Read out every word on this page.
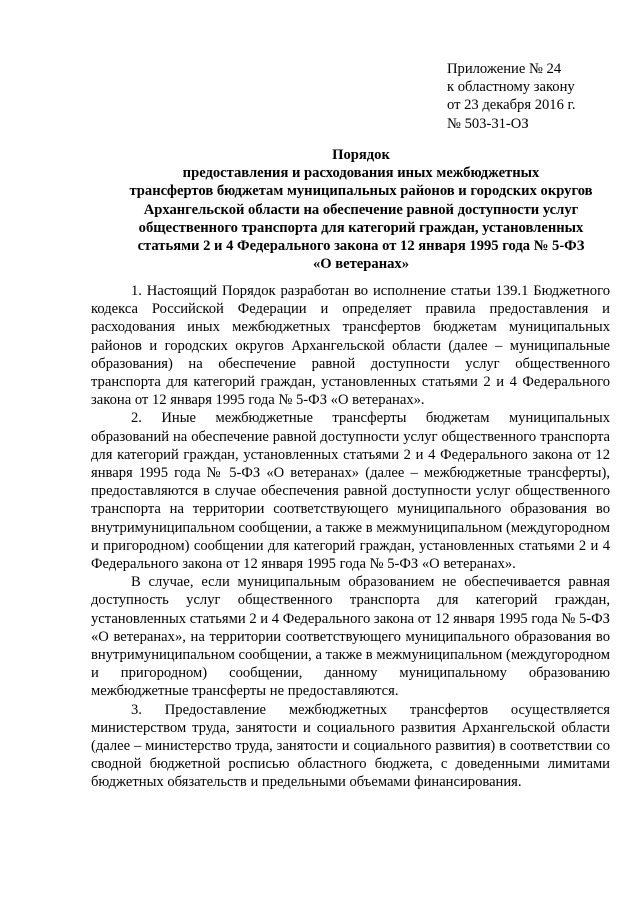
Приложение № 24
к областному закону
от 23 декабря 2016 г.
№ 503-31-ОЗ
Порядок
предоставления и расходования иных межбюджетных
трансфертов бюджетам муниципальных районов и городских округов
Архангельской области на обеспечение равной доступности услуг
общественного транспорта для категорий граждан, установленных
статьями 2 и 4 Федерального закона от 12 января 1995 года № 5-ФЗ
«О ветеранах»

1. Настоящий Порядок разработан во исполнение статьи 139.1 Бюджетного кодекса Российской Федерации и определяет правила предоставления и расходования иных межбюджетных трансфертов бюджетам муниципальных районов и городских округов Архангельской области (далее – муниципальные образования) на обеспечение равной доступности услуг общественного транспорта для категорий граждан, установленных статьями 2 и 4 Федерального закона от 12 января 1995 года № 5-ФЗ «О ветеранах».

2. Иные межбюджетные трансферты бюджетам муниципальных образований на обеспечение равной доступности услуг общественного транспорта для категорий граждан, установленных статьями 2 и 4 Федерального закона от 12 января 1995 года № 5-ФЗ «О ветеранах» (далее – межбюджетные трансферты), предоставляются в случае обеспечения равной доступности услуг общественного транспорта на территории соответствующего муниципального образования во внутримуниципальном сообщении, а также в межмуниципальном (междугородном и пригородном) сообщении для категорий граждан, установленных статьями 2 и 4 Федерального закона от 12 января 1995 года № 5-ФЗ «О ветеранах».

В случае, если муниципальным образованием не обеспечивается равная доступность услуг общественного транспорта для категорий граждан, установленных статьями 2 и 4 Федерального закона от 12 января 1995 года № 5-ФЗ «О ветеранах», на территории соответствующего муниципального образования во внутримуниципальном сообщении, а также в межмуниципальном (междугородном и пригородном) сообщении, данному муниципальному образованию межбюджетные трансферты не предоставляются.

3. Предоставление межбюджетных трансфертов осуществляется министерством труда, занятости и социального развития Архангельской области (далее – министерство труда, занятости и социального развития) в соответствии со сводной бюджетной росписью областного бюджета, с доведенными лимитами бюджетных обязательств и предельными объемами финансирования.
